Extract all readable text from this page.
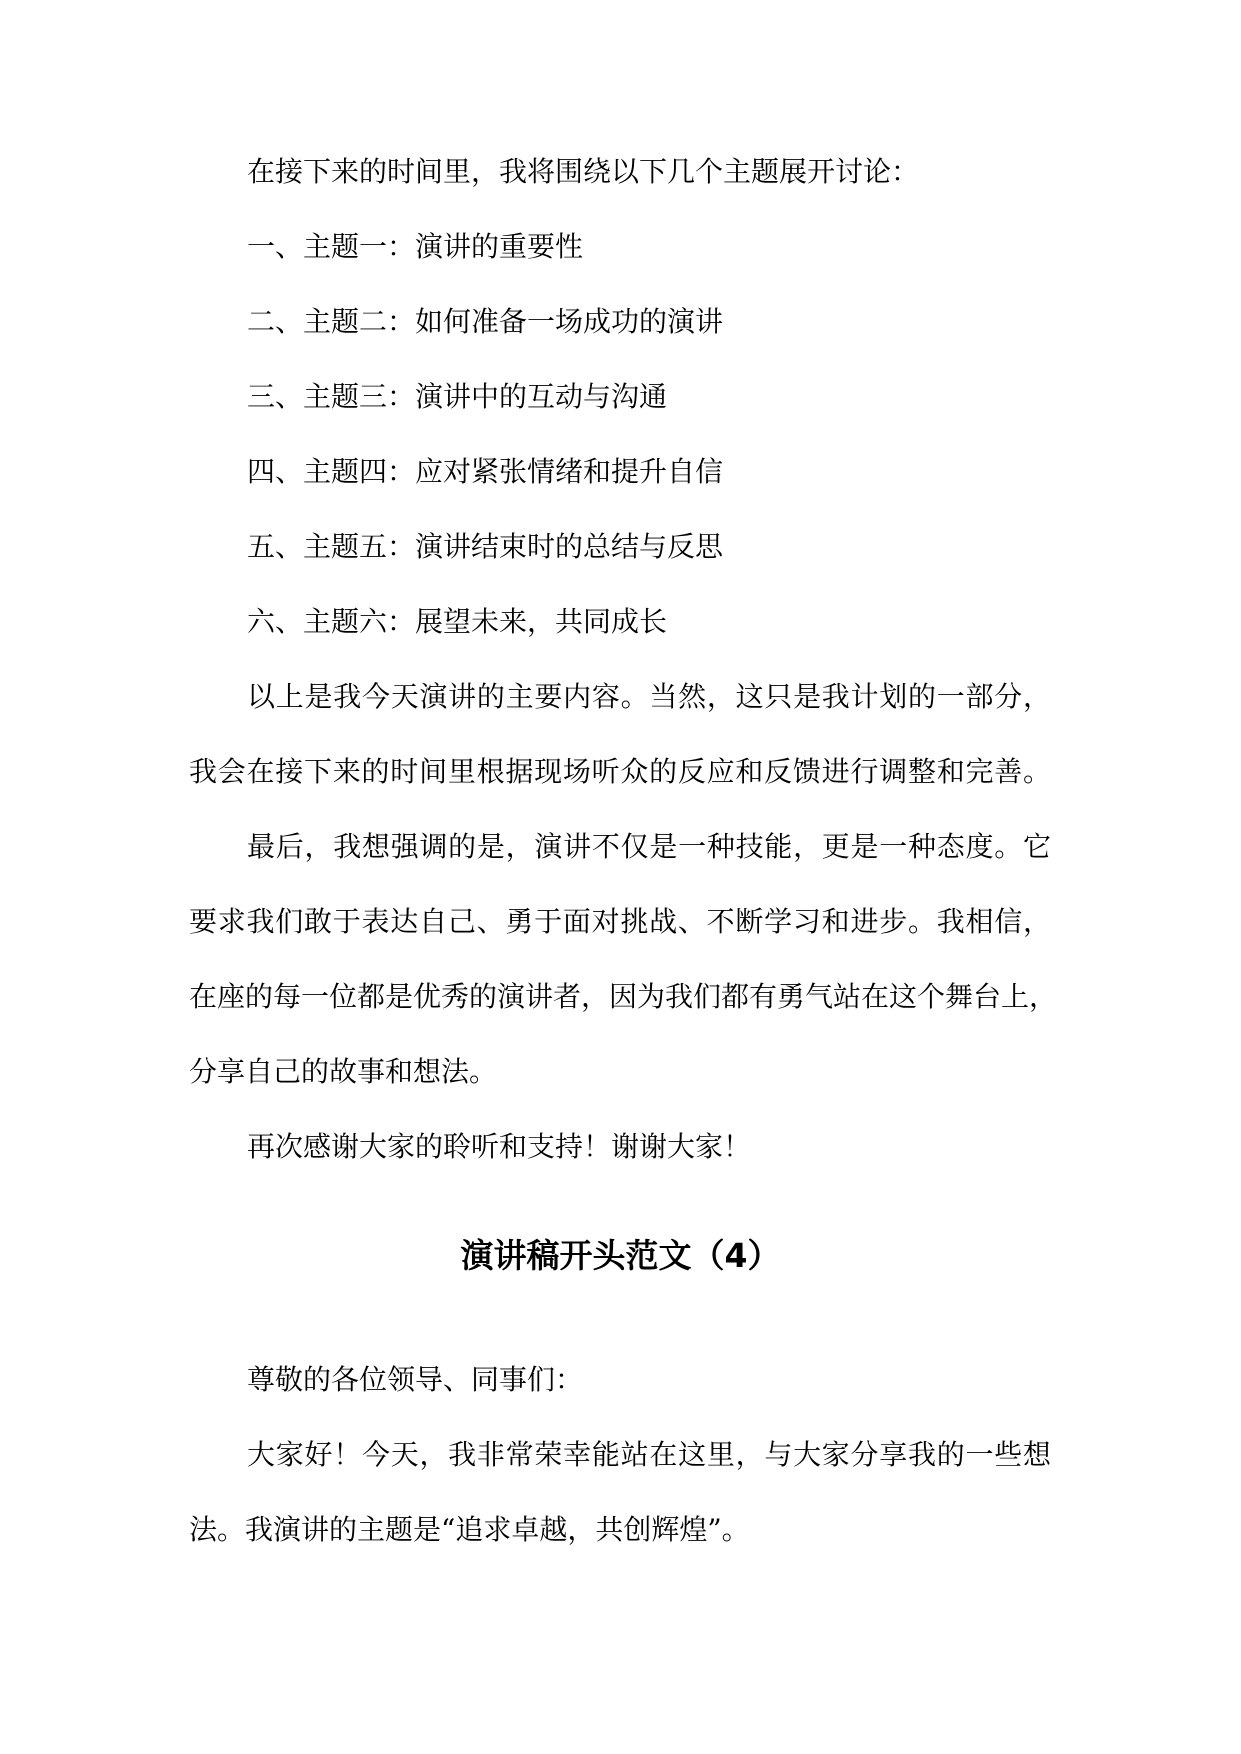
在接下来的时间里，我将围绕以下几个主题展开讨论：
一、主题一：演讲的重要性
二、主题二：如何准备一场成功的演讲
三、主题三：演讲中的互动与沟通
四、主题四：应对紧张情绪和提升自信
五、主题五：演讲结束时的总结与反思
六、主题六：展望未来，共同成长
以上是我今天演讲的主要内容。当然，这只是我计划的一部分，
我会在接下来的时间里根据现场听众的反应和反馈进行调整和完善。
最后，我想强调的是，演讲不仅是一种技能，更是一种态度。它
要求我们敢于表达自己、勇于面对挑战、不断学习和进步。我相信，
在座的每一位都是优秀的演讲者，因为我们都有勇气站在这个舞台上，
分享自己的故事和想法。
再次感谢大家的聆听和支持！谢谢大家！
演讲稿开头范文（4）
尊敬的各位领导、同事们：
大家好！今天，我非常荣幸能站在这里，与大家分享我的一些想
法。我演讲的主题是“追求卓越，共创辉煌”。
